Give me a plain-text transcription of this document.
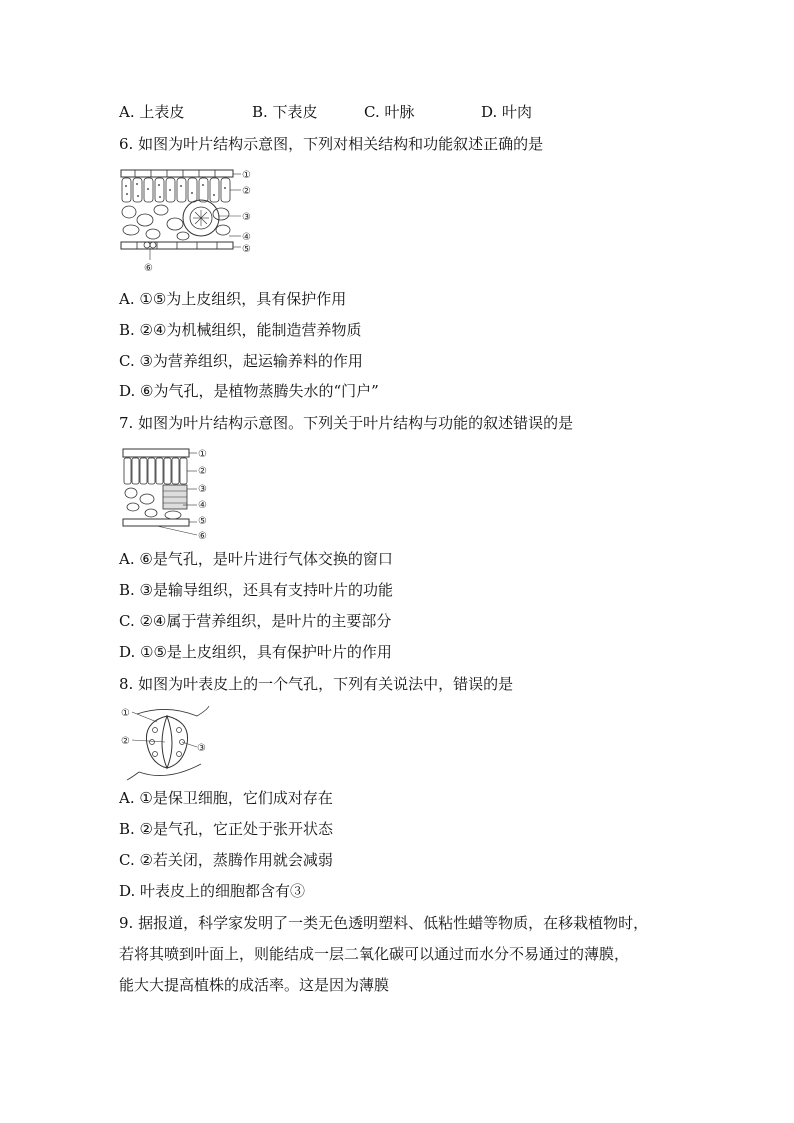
A. 上表皮	B. 下表皮	C. 叶脉	D. 叶肉
6. 如图为叶片结构示意图，下列对相关结构和功能叙述正确的是
①
②
③
④
⑤
⑥
A. ①⑤为上皮组织，具有保护作用
B. ②④为机械组织，能制造营养物质
C. ③为营养组织，起运输养料的作用
D. ⑥为气孔，是植物蒸腾失水的“门户”
7. 如图为叶片结构示意图。下列关于叶片结构与功能的叙述错误的是
①
②
③
④
⑤
⑥
A. ⑥是气孔，是叶片进行气体交换的窗口
B. ③是输导组织，还具有支持叶片的功能
C. ②④属于营养组织，是叶片的主要部分
D. ①⑤是上皮组织，具有保护叶片的作用
8. 如图为叶表皮上的一个气孔，下列有关说法中，错误的是
①
②
③
A. ①是保卫细胞，它们成对存在
B. ②是气孔，它正处于张开状态
C. ②若关闭，蒸腾作用就会减弱
D. 叶表皮上的细胞都含有③
9. 据报道，科学家发明了一类无色透明塑料、低粘性蜡等物质，在移栽植物时，
若将其喷到叶面上，则能结成一层二氧化碳可以通过而水分不易通过的薄膜，
能大大提高植株的成活率。这是因为薄膜
